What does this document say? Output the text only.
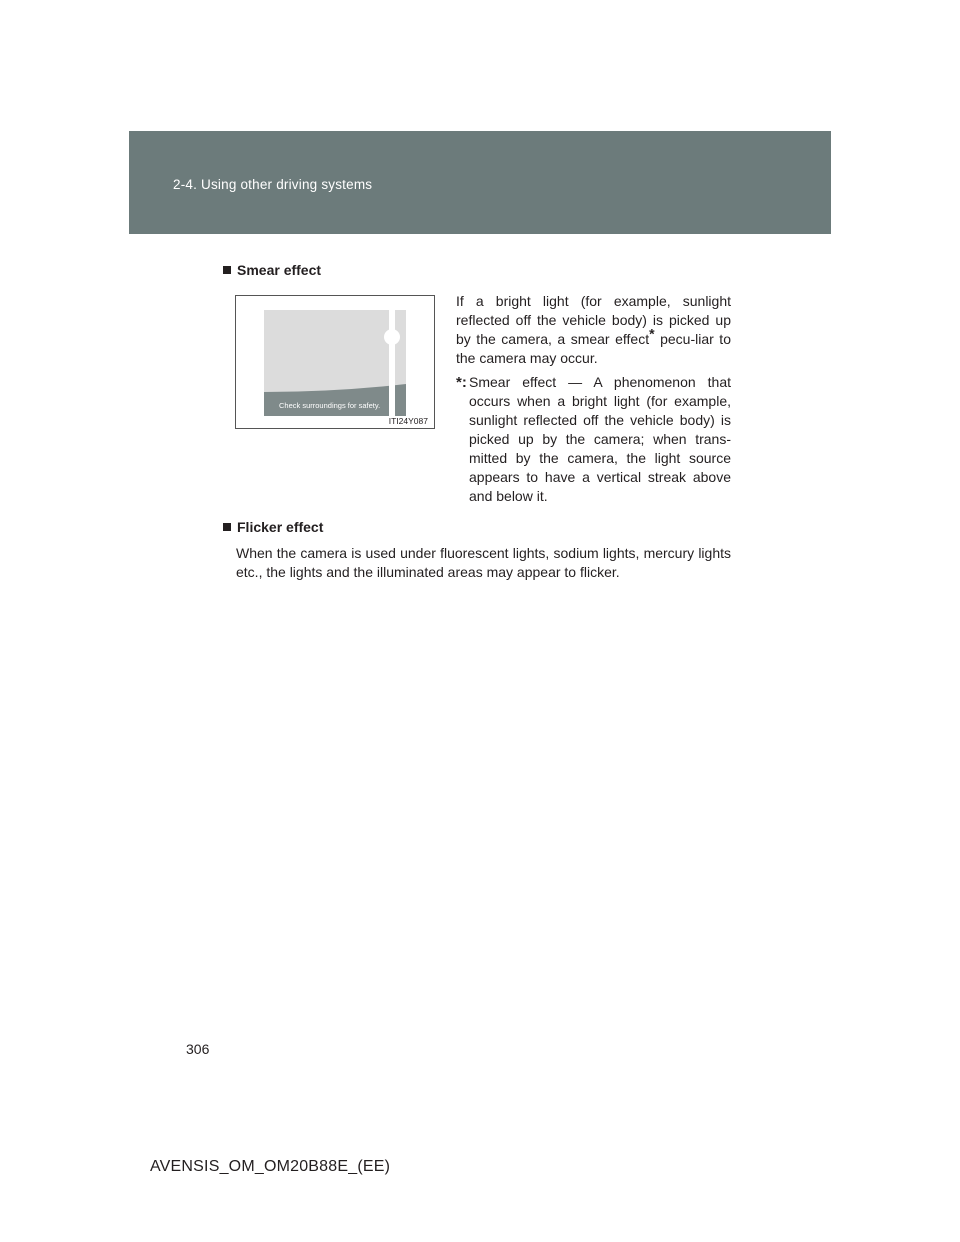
2-4. Using other driving systems
Smear effect
Check surroundings for safety.
ITI24Y087

If a bright light (for example, sunlight reflected off the vehicle body) is picked up by the camera, a smear effect* pecu-liar to the camera may occur.

*: Smear effect — A phenomenon that occurs when a bright light (for example, sunlight reflected off the vehicle body) is picked up by the camera; when trans-mitted by the camera, the light source appears to have a vertical streak above and below it.
Flicker effect

When the camera is used under fluorescent lights, sodium lights, mercury lights etc., the lights and the illuminated areas may appear to flicker.

306
AVENSIS_OM_OM20B88E_(EE)
